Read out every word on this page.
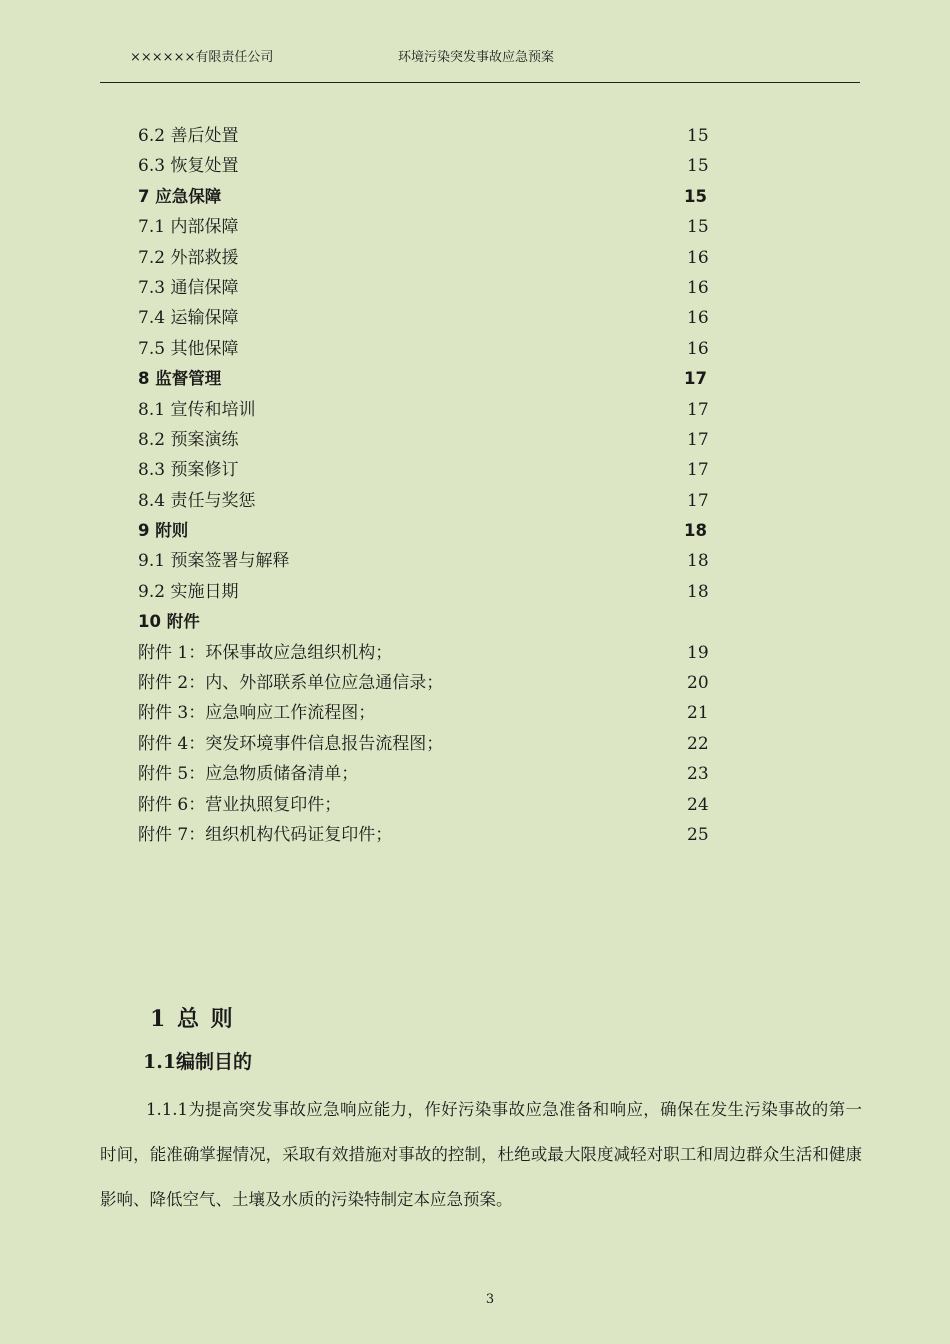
××××××有限责任公司	环境污染突发事故应急预案
6.2 善后处置	15
6.3 恢复处置	15
7 应急保障	15
7.1 内部保障	15
7.2 外部救援	16
7.3 通信保障	16
7.4 运输保障	16
7.5 其他保障	16
8 监督管理	17
8.1 宣传和培训	17
8.2 预案演练	17
8.3 预案修订	17
8.4 责任与奖惩	17
9 附则	18
9.1 预案签署与解释	18
9.2 实施日期	18
10 附件
附件 1：环保事故应急组织机构；	19
附件 2：内、外部联系单位应急通信录；	20
附件 3：应急响应工作流程图；	21
附件 4：突发环境事件信息报告流程图；	22
附件 5：应急物质储备清单；	23
附件 6：营业执照复印件；	24
附件 7：组织机构代码证复印件；	25
1 总 则
1.1编制目的
1.1.1为提高突发事故应急响应能力，作好污染事故应急准备和响应，确保在发生污染事故的第一时间，能准确掌握情况，采取有效措施对事故的控制，杜绝或最大限度减轻对职工和周边群众生活和健康影响、降低空气、土壤及水质的污染特制定本应急预案。
3
